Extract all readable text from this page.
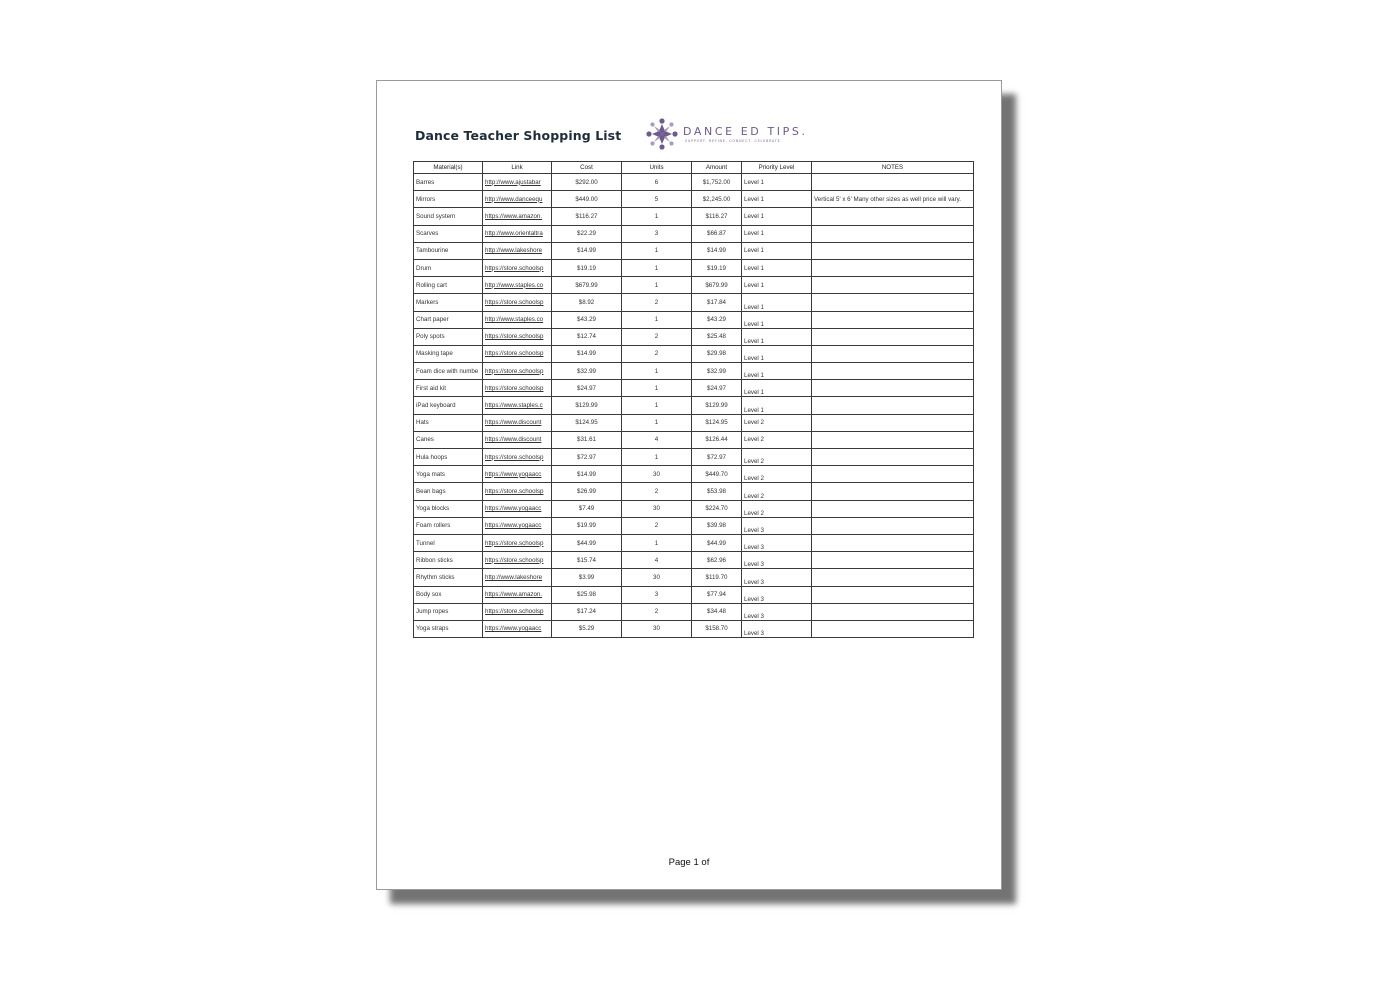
Dance Teacher Shopping List	DANCE ED TIPS.
SUPPORT. REFINE. CONNECT. CELEBRATE.
Material(s)	Link	Cost	Units	Amount	Priority Level	NOTES
Barres	http://www.ajustabar	$292.00	6	$1,752.00	Level 1	
Mirrors	http://www.danceequ	$449.00	5	$2,245.00	Level 1	Vertical 5' x 6' Many other sizes as well price will vary.
Sound system	https://www.amazon.	$116.27	1	$116.27	Level 1	
Scarves	http://www.orientaltra	$22.29	3	$66.87	Level 1	
Tambourine	http://www.lakeshore	$14.99	1	$14.99	Level 1	
Drum	https://store.schoolsp	$19.19	1	$19.19	Level 1	
Rolling cart	http://www.staples.co	$679.99	1	$679.99	Level 1	
Markers	https://store.schoolsp	$8.92	2	$17.84	Level 1	
Chart paper	http://www.staples.co	$43.29	1	$43.29	Level 1	
Poly spots	https://store.schoolsp	$12.74	2	$25.48	Level 1	
Masking tape	https://store.schoolsp	$14.99	2	$29.98	Level 1	
Foam dice with numbe	https://store.schoolsp	$32.99	1	$32.99	Level 1	
First aid kit	https://store.schoolsp	$24.97	1	$24.97	Level 1	
iPad keyboard	https://www.staples.c	$129.99	1	$129.99	Level 1	
Hats	https://www.discount	$124.95	1	$124.95	Level 2	
Canes	https://www.discount	$31.61	4	$126.44	Level 2	
Hula hoops	https://store.schoolsp	$72.97	1	$72.97	Level 2	
Yoga mats	https://www.yogaacc	$14.99	30	$449.70	Level 2	
Bean bags	https://store.schoolsp	$26.99	2	$53.98	Level 2	
Yoga blocks	https://www.yogaacc	$7.49	30	$224.70	Level 2	
Foam rollers	https://www.yogaacc	$19.99	2	$39.98	Level 3	
Tunnel	https://store.schoolsp	$44.99	1	$44.99	Level 3	
Ribbon sticks	https://store.schoolsp	$15.74	4	$62.96	Level 3	
Rhythm sticks	http://www.lakeshore	$3.99	30	$119.70	Level 3	
Body sox	https://www.amazon.	$25.98	3	$77.94	Level 3	
Jump ropes	https://store.schoolsp	$17.24	2	$34.48	Level 3	
Yoga straps	https://www.yogaacc	$5.29	30	$158.70	Level 3	
Page 1 of
